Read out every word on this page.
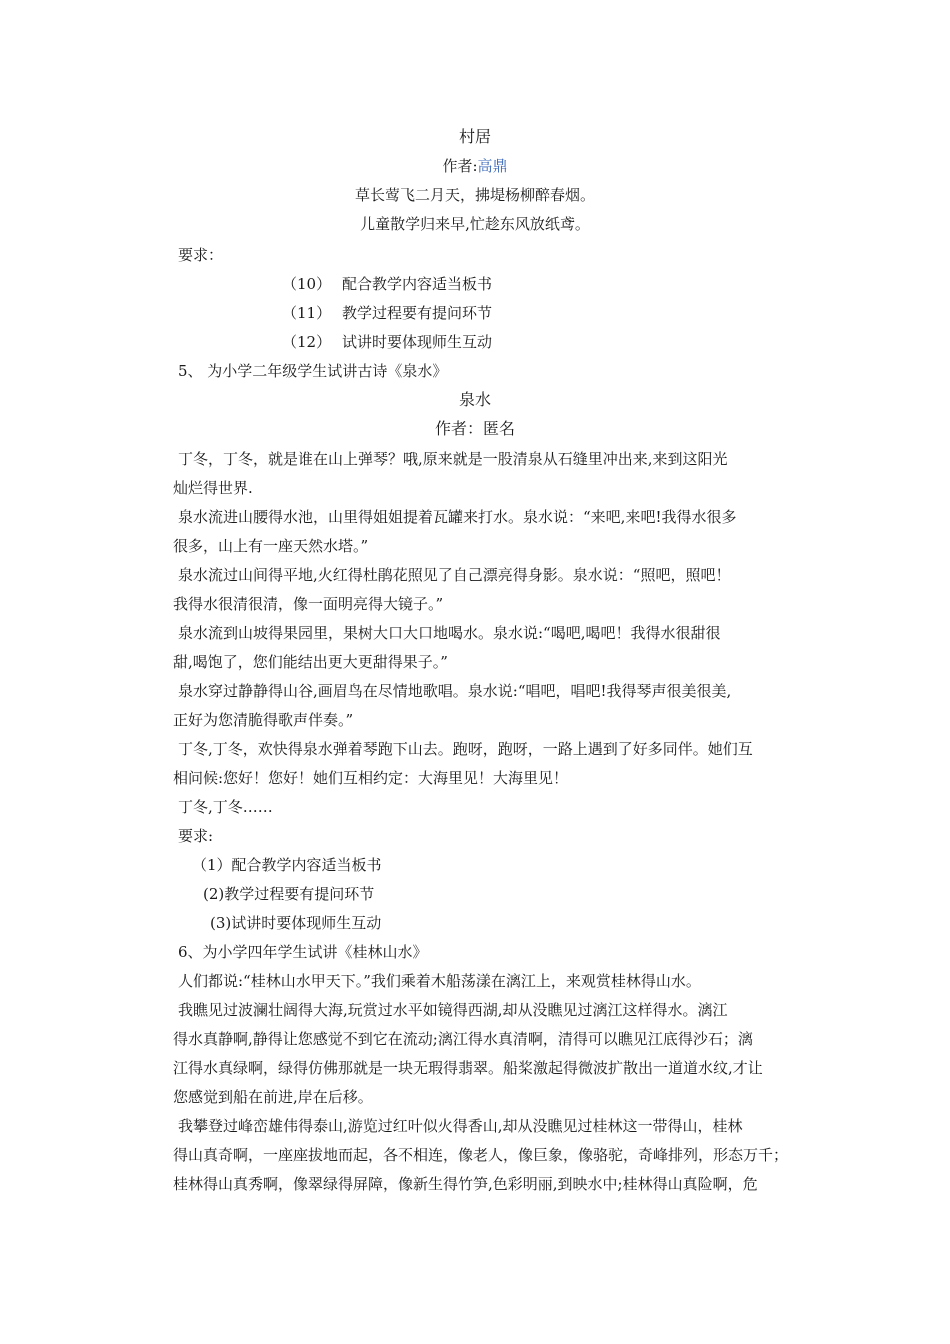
村居
作者:高鼎
草长莺飞二月天，拂堤杨柳醉春烟。
儿童散学归来早,忙趁东风放纸鸢。
要求：
（10） 配合教学内容适当板书
（11） 教学过程要有提问环节
（12） 试讲时要体现师生互动
5、 为小学二年级学生试讲古诗《泉水》
泉水
作者：匿名
丁冬，丁冬，就是谁在山上弹琴？哦,原来就是一股清泉从石缝里冲出来,来到这阳光
灿烂得世界.
泉水流进山腰得水池，山里得姐姐提着瓦罐来打水。泉水说：“来吧,来吧!我得水很多
很多，山上有一座天然水塔。”
泉水流过山间得平地,火红得杜鹃花照见了自己漂亮得身影。泉水说：“照吧，照吧！
我得水很清很清，像一面明亮得大镜子。”
泉水流到山坡得果园里，果树大口大口地喝水。泉水说:“喝吧,喝吧！我得水很甜很
甜,喝饱了，您们能结出更大更甜得果子。”
泉水穿过静静得山谷,画眉鸟在尽情地歌唱。泉水说:“唱吧，唱吧!我得琴声很美很美,
正好为您清脆得歌声伴奏。”
丁冬,丁冬，欢快得泉水弹着琴跑下山去。跑呀，跑呀，一路上遇到了好多同伴。她们互
相问候:您好！您好！她们互相约定：大海里见！大海里见！
丁冬,丁冬……
要求:
（1）配合教学内容适当板书
(2)教学过程要有提问环节
(3)试讲时要体现师生互动
6、为小学四年学生试讲《桂林山水》
人们都说:“桂林山水甲天下。”我们乘着木船荡漾在漓江上，来观赏桂林得山水。
我瞧见过波澜壮阔得大海,玩赏过水平如镜得西湖,却从没瞧见过漓江这样得水。漓江
得水真静啊,静得让您感觉不到它在流动;漓江得水真清啊，清得可以瞧见江底得沙石；漓
江得水真绿啊，绿得仿佛那就是一块无瑕得翡翠。船桨激起得微波扩散出一道道水纹,才让
您感觉到船在前进,岸在后移。
我攀登过峰峦雄伟得泰山,游览过红叶似火得香山,却从没瞧见过桂林这一带得山，桂林
得山真奇啊，一座座拔地而起，各不相连，像老人，像巨象，像骆驼，奇峰排列，形态万千；
桂林得山真秀啊，像翠绿得屏障，像新生得竹笋,色彩明丽,到映水中;桂林得山真险啊，危
